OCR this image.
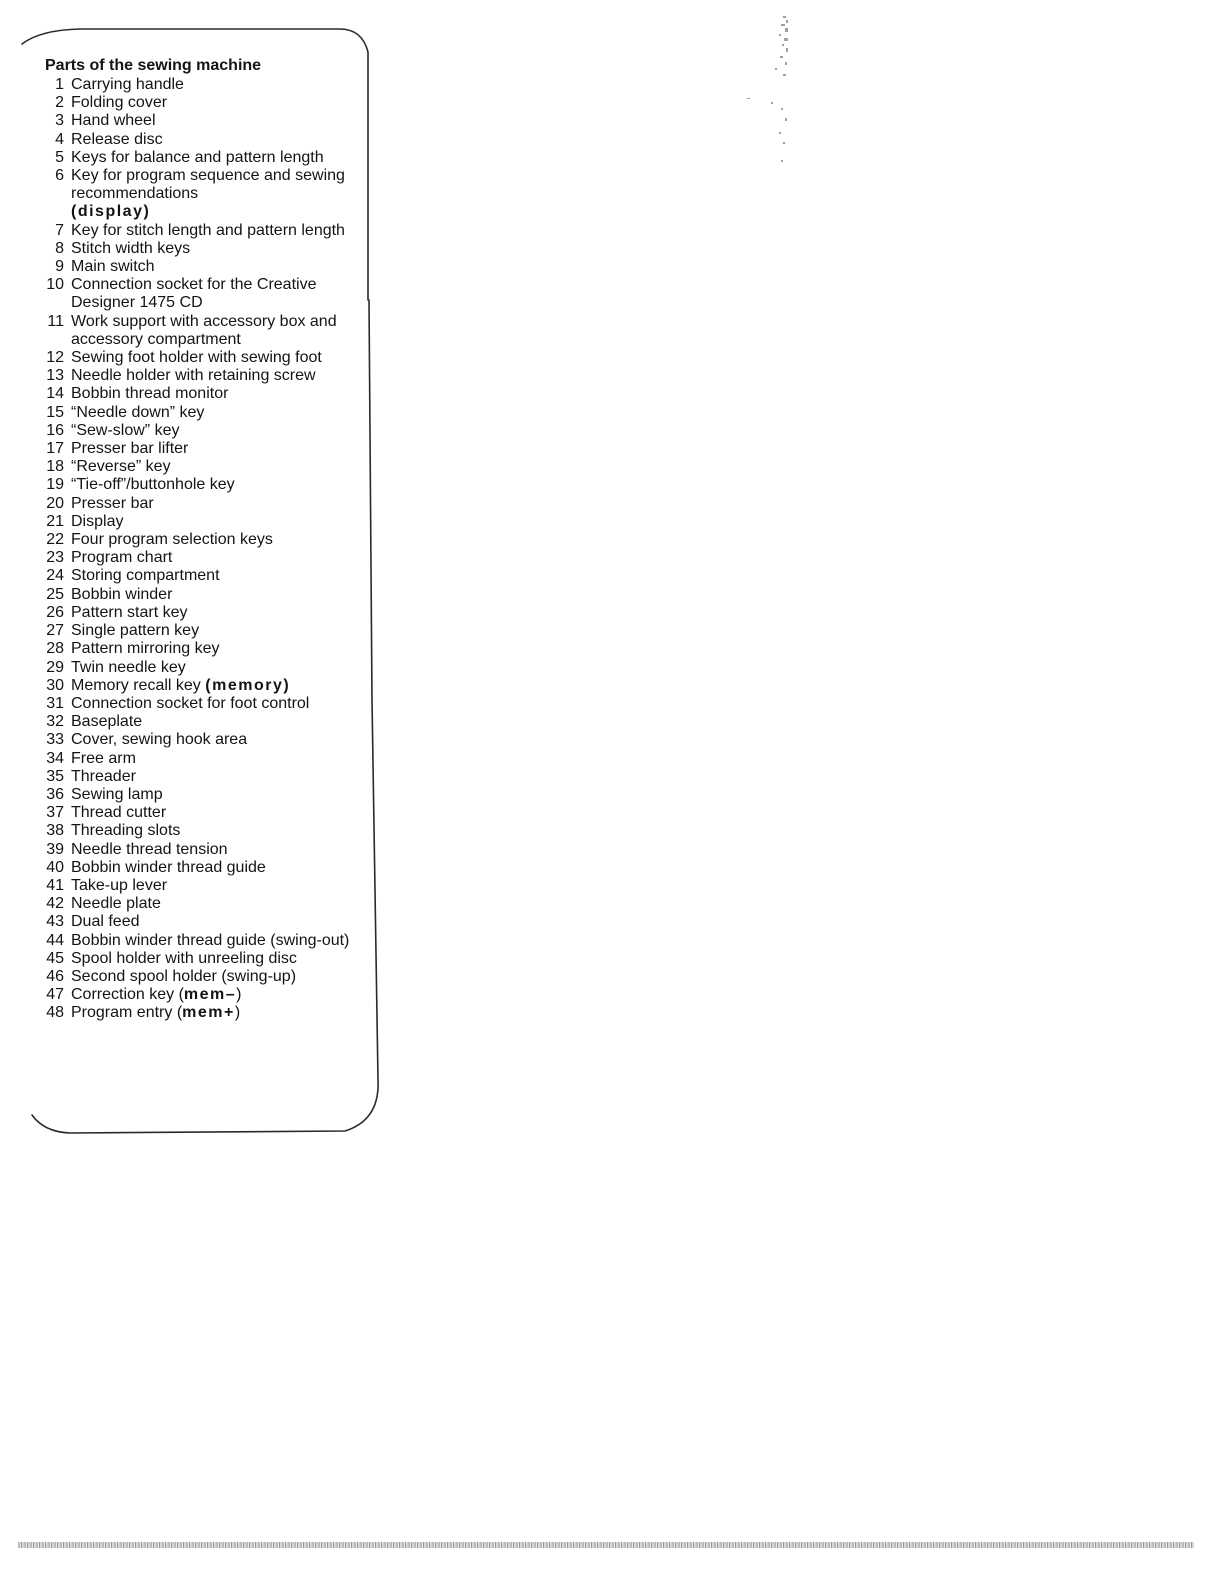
Parts of the sewing machine
1 Carrying handle
2 Folding cover
3 Hand wheel
4 Release disc
5 Keys for balance and pattern length
6 Key for program sequence and sewing recommendations
(display)
7 Key for stitch length and pattern length
8 Stitch width keys
9 Main switch
10 Connection socket for the Creative Designer 1475 CD
11 Work support with accessory box and accessory compartment
12 Sewing foot holder with sewing foot
13 Needle holder with retaining screw
14 Bobbin thread monitor
15 “Needle down” key
16 “Sew-slow” key
17 Presser bar lifter
18 “Reverse” key
19 “Tie-off”/buttonhole key
20 Presser bar
21 Display
22 Four program selection keys
23 Program chart
24 Storing compartment
25 Bobbin winder
26 Pattern start key
27 Single pattern key
28 Pattern mirroring key
29 Twin needle key
30 Memory recall key (memory)
31 Connection socket for foot control
32 Baseplate
33 Cover, sewing hook area
34 Free arm
35 Threader
36 Sewing lamp
37 Thread cutter
38 Threading slots
39 Needle thread tension
40 Bobbin winder thread guide
41 Take-up lever
42 Needle plate
43 Dual feed
44 Bobbin winder thread guide (swing-out)
45 Spool holder with unreeling disc
46 Second spool holder (swing-up)
47 Correction key (mem–)
48 Program entry (mem+)
